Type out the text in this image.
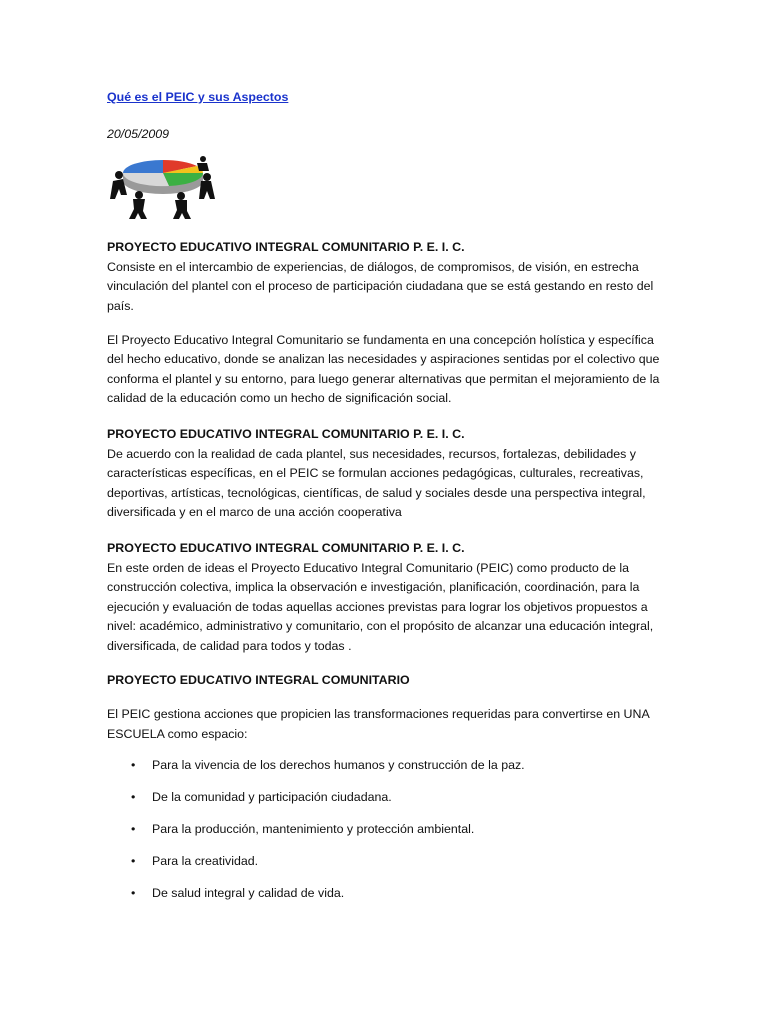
Qué es el PEIC y sus Aspectos
20/05/2009

PROYECTO EDUCATIVO INTEGRAL COMUNITARIO P. E. I. C.

Consiste en el intercambio de experiencias, de diálogos, de compromisos, de visión, en estrecha vinculación del plantel con el proceso de participación ciudadana que se está gestando en resto del país.

El Proyecto Educativo Integral Comunitario se fundamenta en una concepción holística y específica del hecho educativo, donde se analizan las necesidades y aspiraciones sentidas por el colectivo que conforma el plantel y su entorno, para luego generar alternativas que permitan el mejoramiento de la calidad de la educación como un hecho de significación social.

PROYECTO EDUCATIVO INTEGRAL COMUNITARIO P. E. I. C.

De acuerdo con la realidad de cada plantel, sus necesidades, recursos, fortalezas, debilidades y características específicas, en el PEIC se formulan acciones pedagógicas, culturales, recreativas, deportivas, artísticas, tecnológicas, científicas, de salud y sociales desde una perspectiva integral, diversificada y en el marco de una acción cooperativa

PROYECTO EDUCATIVO INTEGRAL COMUNITARIO P. E. I. C.

En este orden de ideas el Proyecto Educativo Integral Comunitario (PEIC) como producto de la construcción colectiva, implica la observación e investigación, planificación, coordinación, para la ejecución y evaluación de todas aquellas acciones previstas para lograr los objetivos propuestos a nivel: académico, administrativo y comunitario, con el propósito de alcanzar una educación integral, diversificada, de calidad para todos y todas .

PROYECTO EDUCATIVO INTEGRAL COMUNITARIO
El PEIC gestiona acciones que propicien las transformaciones requeridas para convertirse en UNA ESCUELA como espacio:
• Para la vivencia de los derechos humanos y construcción de la paz.
• De la comunidad y participación ciudadana.
• Para la producción, mantenimiento y protección ambiental.
• Para la creatividad.
• De salud integral y calidad de vida.
